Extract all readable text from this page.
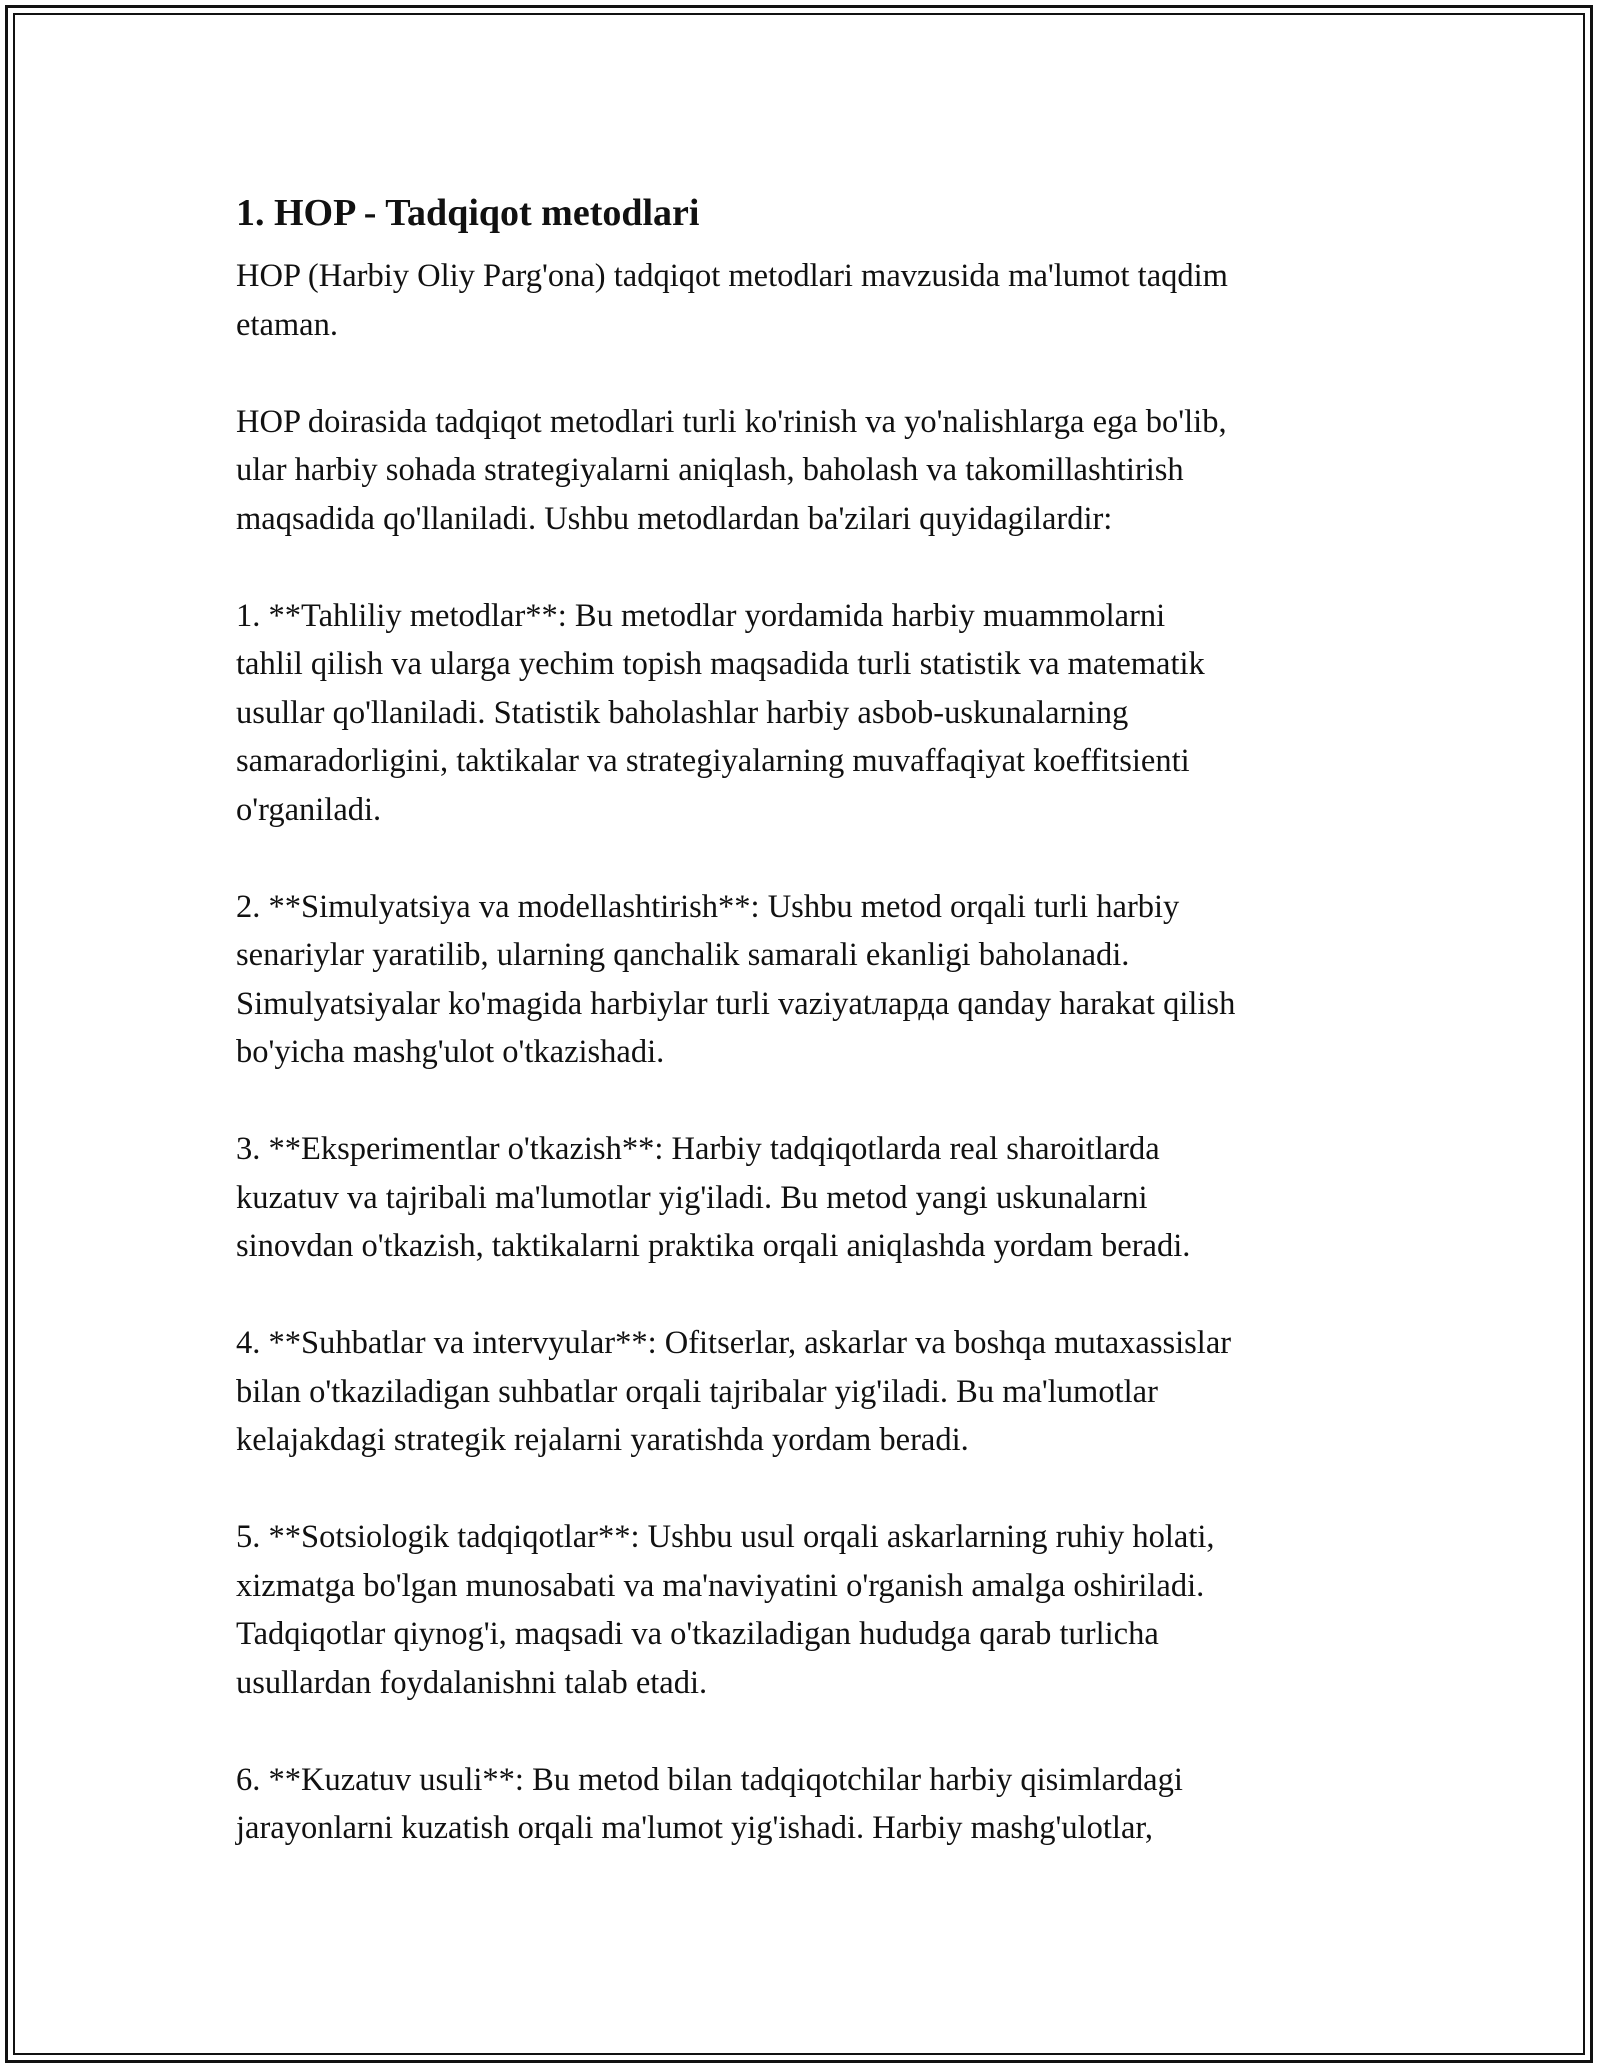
1. HOP - Tadqiqot metodlari
HOP (Harbiy Oliy Parg'ona) tadqiqot metodlari mavzusida ma'lumot taqdim
etaman.
HOP doirasida tadqiqot metodlari turli ko'rinish va yo'nalishlarga ega bo'lib,
ular harbiy sohada strategiyalarni aniqlash, baholash va takomillashtirish
maqsadida qo'llaniladi. Ushbu metodlardan ba'zilari quyidagilardir:
1. **Tahliliy metodlar**: Bu metodlar yordamida harbiy muammolarni
tahlil qilish va ularga yechim topish maqsadida turli statistik va matematik
usullar qo'llaniladi. Statistik baholashlar harbiy asbob-uskunalarning
samaradorligini, taktikalar va strategiyalarning muvaffaqiyat koeffitsienti
o'rganiladi.
2. **Simulyatsiya va modellashtirish**: Ushbu metod orqali turli harbiy
senariylar yaratilib, ularning qanchalik samarali ekanligi baholanadi.
Simulyatsiyalar ko'magida harbiylar turli vaziyatларда qanday harakat qilish
bo'yicha mashg'ulot o'tkazishadi.
3. **Eksperimentlar o'tkazish**: Harbiy tadqiqotlarda real sharoitlarda
kuzatuv va tajribali ma'lumotlar yig'iladi. Bu metod yangi uskunalarni
sinovdan o'tkazish, taktikalarni praktika orqali aniqlashda yordam beradi.
4. **Suhbatlar va intervyular**: Ofitserlar, askarlar va boshqa mutaxassislar
bilan o'tkaziladigan suhbatlar orqali tajribalar yig'iladi. Bu ma'lumotlar
kelajakdagi strategik rejalarni yaratishda yordam beradi.
5. **Sotsiologik tadqiqotlar**: Ushbu usul orqali askarlarning ruhiy holati,
xizmatga bo'lgan munosabati va ma'naviyatini o'rganish amalga oshiriladi.
Tadqiqotlar qiynog'i, maqsadi va o'tkaziladigan hududga qarab turlicha
usullardan foydalanishni talab etadi.
6. **Kuzatuv usuli**: Bu metod bilan tadqiqotchilar harbiy qisimlardagi
jarayonlarni kuzatish orqali ma'lumot yig'ishadi. Harbiy mashg'ulotlar,
